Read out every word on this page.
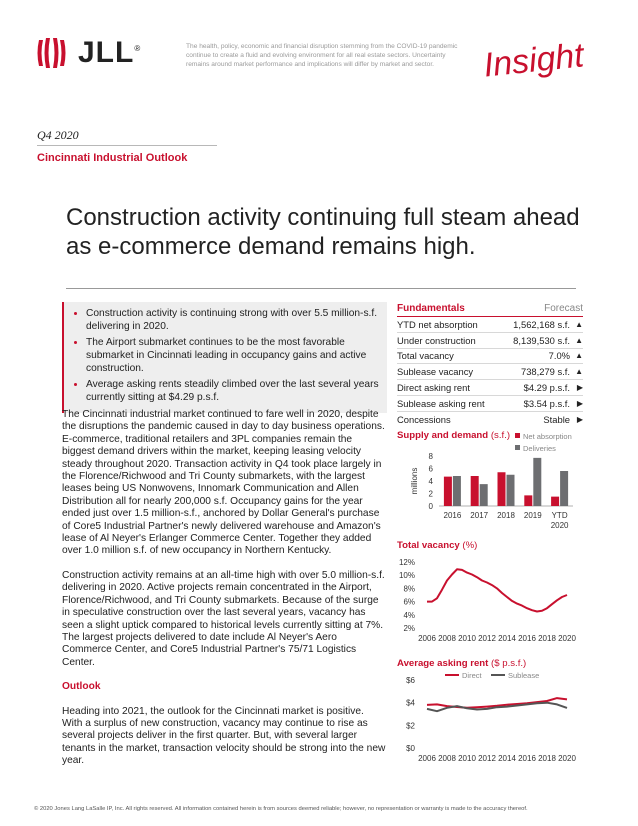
JLL®	The health, policy, economic and financial disruption stemming from the COVID-19 pandemic continue to create a fluid and evolving environment for all real estate sectors. Uncertainty remains around market performance and implications will differ by market and sector.	Insight
Q4 2020
Cincinnati Industrial Outlook
Construction activity continuing full steam ahead as e-commerce demand remains high.
• Construction activity is continuing strong with over 5.5 million-s.f. delivering in 2020.
• The Airport submarket continues to be the most favorable submarket in Cincinnati leading in occupancy gains and active construction.
• Average asking rents steadily climbed over the last several years currently sitting at $4.29 p.s.f.

The Cincinnati industrial market continued to fare well in 2020, despite the disruptions the pandemic caused in day to day business operations. E-commerce, traditional retailers and 3PL companies remain the biggest demand drivers within the market, keeping leasing velocity steady throughout 2020. Transaction activity in Q4 took place largely in the Florence/Richwood and Tri County submarkets, with the largest leases being US Nonwovens, Innomark Communication and Allen Distribution all for nearly 200,000 s.f. Occupancy gains for the year ended just over 1.5 million-s.f., anchored by Dollar General's purchase of Core5 Industrial Partner's newly delivered warehouse and Amazon's lease of Al Neyer's Erlanger Commerce Center. Together they added over 1.0 million s.f. of new occupancy in Northern Kentucky.

Construction activity remains at an all-time high with over 5.0 million-s.f. delivering in 2020. Active projects remain concentrated in the Airport, Florence/Richwood, and Tri County submarkets. Because of the surge in speculative construction over the last several years, vacancy has seen a slight uptick compared to historical levels currently sitting at 7%. The largest projects delivered to date include Al Neyer's Aero Commerce Center, and Core5 Industrial Partner's 75/71 Logistics Center.

Outlook

Heading into 2021, the outlook for the Cincinnati market is positive. With a surplus of new construction, vacancy may continue to rise as several projects deliver in the first quarter. But, with several larger tenants in the market, transaction velocity should be strong into the new year.

Fundamentals	Forecast
YTD net absorption	1,562,168 s.f. ▲
Under construction	8,139,530 s.f. ▲
Total vacancy	7.0% ▲
Sublease vacancy	738,279 s.f. ▲
Direct asking rent	$4.29 p.s.f. ▶
Sublease asking rent	$3.54 p.s.f. ▶
Concessions	Stable ▶
Supply and demand (s.f.)
Total vacancy (%)
Average asking rent ($ p.s.f.)
0
2
4
6
8
millions
2016 2017 2018 2019 YTD
2020
Net absorption
Deliveries
2%
4%
6%
8%
10%
12%
2006 2008 2010 2012 2014 2016 2018 2020
$0
$2
$4
$6
2006 2008 2010 2012 2014 2016 2018 2020
Direct	Sublease
© 2020 Jones Lang LaSalle IP, Inc. All rights reserved. All information contained herein is from sources deemed reliable; however, no representation or warranty is made to the accuracy thereof.
